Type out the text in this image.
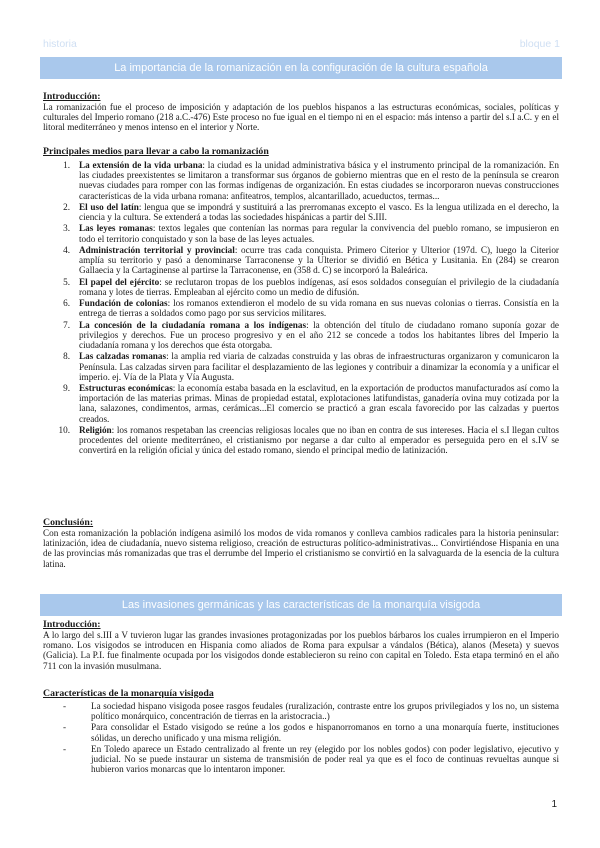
historia	bloque 1
La importancia de la romanización en la configuración de la cultura española
Introducción:

La romanización fue el proceso de imposición y adaptación de los pueblos hispanos a las estructuras económicas, sociales, políticas y culturales del Imperio romano (218 a.C.-476) Este proceso no fue igual en el tiempo ni en el espacio: más intenso a partir del s.I a.C. y en el litoral mediterráneo y menos intenso en el interior y Norte.

Principales medios para llevar a cabo la romanización
1. La extensión de la vida urbana: la ciudad es la unidad administrativa básica y el instrumento principal de la romanización. En las ciudades preexistentes se limitaron a transformar sus órganos de gobierno mientras que en el resto de la península se crearon nuevas ciudades para romper con las formas indígenas de organización. En estas ciudades se incorporaron nuevas construcciones características de la vida urbana romana: anfiteatros, templos, alcantarillado, acueductos, termas...
2. El uso del latín: lengua que se impondrá y sustituirá a las prerromanas excepto el vasco. Es la lengua utilizada en el derecho, la ciencia y la cultura. Se extenderá a todas las sociedades hispánicas a partir del S.III.
3. Las leyes romanas: textos legales que contenían las normas para regular la convivencia del pueblo romano, se impusieron en todo el territorio conquistado y son la base de las leyes actuales.
4. Administración territorial y provincial: ocurre tras cada conquista. Primero Citerior y Ulterior (197d. C), luego la Citerior amplía su territorio y pasó a denominarse Tarraconense y la Ulterior se dividió en Bética y Lusitania. En (284) se crearon Gallaecia y la Cartaginense al partirse la Tarraconense, en (358 d. C) se incorporó la Baleárica.
5. El papel del ejército: se reclutaron tropas de los pueblos indígenas, así esos soldados conseguían el privilegio de la ciudadanía romana y lotes de tierras. Empleaban al ejército como un medio de difusión.
6. Fundación de colonias: los romanos extendieron el modelo de su vida romana en sus nuevas colonias o tierras. Consistía en la entrega de tierras a soldados como pago por sus servicios militares.
7. La concesión de la ciudadanía romana a los indígenas: la obtención del título de ciudadano romano suponía gozar de privilegios y derechos. Fue un proceso progresivo y en el año 212 se concede a todos los habitantes libres del Imperio la ciudadanía romana y los derechos que ésta otorgaba.
8. Las calzadas romanas: la amplia red viaria de calzadas construida y las obras de infraestructuras organizaron y comunicaron la Península. Las calzadas sirven para facilitar el desplazamiento de las legiones y contribuir a dinamizar la economía y a unificar el imperio. ej. Vía de la Plata y Vía Augusta.
9. Estructuras económicas: la economía estaba basada en la esclavitud, en la exportación de productos manufacturados así como la importación de las materias primas. Minas de propiedad estatal, explotaciones latifundistas, ganadería ovina muy cotizada por la lana, salazones, condimentos, armas, cerámicas...El comercio se practicó a gran escala favorecido por las calzadas y puertos creados.
10. Religión: los romanos respetaban las creencias religiosas locales que no iban en contra de sus intereses. Hacia el s.I llegan cultos procedentes del oriente mediterráneo, el cristianismo por negarse a dar culto al emperador es perseguida pero en el s.IV se convertirá en la religión oficial y única del estado romano, siendo el principal medio de latinización.
Conclusión:

Con esta romanización la población indígena asimiló los modos de vida romanos y conlleva cambios radicales para la historia peninsular: latinización, idea de ciudadanía, nuevo sistema religioso, creación de estructuras político-administrativas... Convirtiéndose Hispania en una de las provincias más romanizadas que tras el derrumbe del Imperio el cristianismo se convirtió en la salvaguarda de la esencia de la cultura latina.

Las invasiones germánicas y las características de la monarquía visigoda
Introducción:

A lo largo del s.III a V tuvieron lugar las grandes invasiones protagonizadas por los pueblos bárbaros los cuales irrumpieron en el Imperio romano. Los visigodos se introducen en Hispania como aliados de Roma para expulsar a vándalos (Bética), alanos (Meseta) y suevos (Galicia). La P.I. fue finalmente ocupada por los visigodos donde establecieron su reino con capital en Toledo. Esta etapa terminó en el año 711 con la invasión musulmana.

Características de la monarquía visigoda
-	La sociedad hispano visigoda posee rasgos feudales (ruralización, contraste entre los grupos privilegiados y los no, un sistema político monárquico, concentración de tierras en la aristocracia..)
-	Para consolidar el Estado visigodo se reúne a los godos e hispanorromanos en torno a una monarquía fuerte, instituciones sólidas, un derecho unificado y una misma religión.
-	En Toledo aparece un Estado centralizado al frente un rey (elegido por los nobles godos) con poder legislativo, ejecutivo y judicial. No se puede instaurar un sistema de transmisión de poder real ya que es el foco de continuas revueltas aunque si hubieron varios monarcas que lo intentaron imponer.
1
